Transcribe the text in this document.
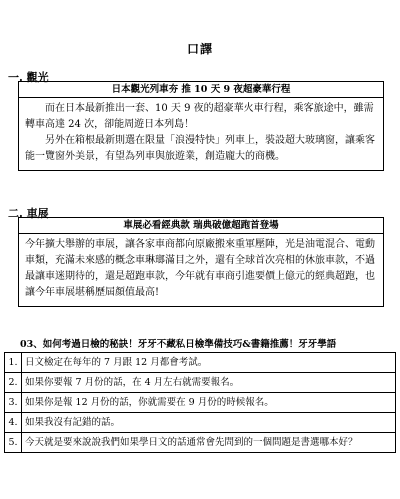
口譯
一. 觀光
日本觀光列車夯 推 10 天 9 夜超豪華行程

而在日本最新推出一套、10 天 9 夜的超豪華火車行程，乘客旅途中，雖需轉車高達 24 次，卻能周遊日本列島！

另外在箱根最新則選在限量「浪漫特快」列車上，裝設超大玻璃窗，讓乘客能一覽窗外美景，有望為列車與旅遊業，創造龐大的商機。

二. 車展
車展必看經典款 瑞典破億超跑首登場

今年擴大舉辦的車展，讓各家車商都向原廠搬來重軍壓陣，光是油電混合、電動車類，充滿未來感的概念車琳瑯滿目之外，還有全球首次亮相的休旅車款，不過最讓車迷期待的，還是超跑車款，今年就有車商引進要價上億元的經典超跑，也讓今年車展堪稱歷屆顏值最高!

03、如何考過日檢的秘訣！牙牙不藏私日檢準備技巧&書籍推薦！牙牙學語
1.	日文檢定在每年的 7 月跟 12 月都會考試。
2.	如果你要報 7 月份的話，在 4 月左右就需要報名。
3.	如果你是報 12 月份的話，你就需要在 9 月份的時候報名。
4.	如果我沒有記錯的話。
5.	今天就是要來說說我們如果學日文的話通常會先問到的一個問題是書選哪本好？
